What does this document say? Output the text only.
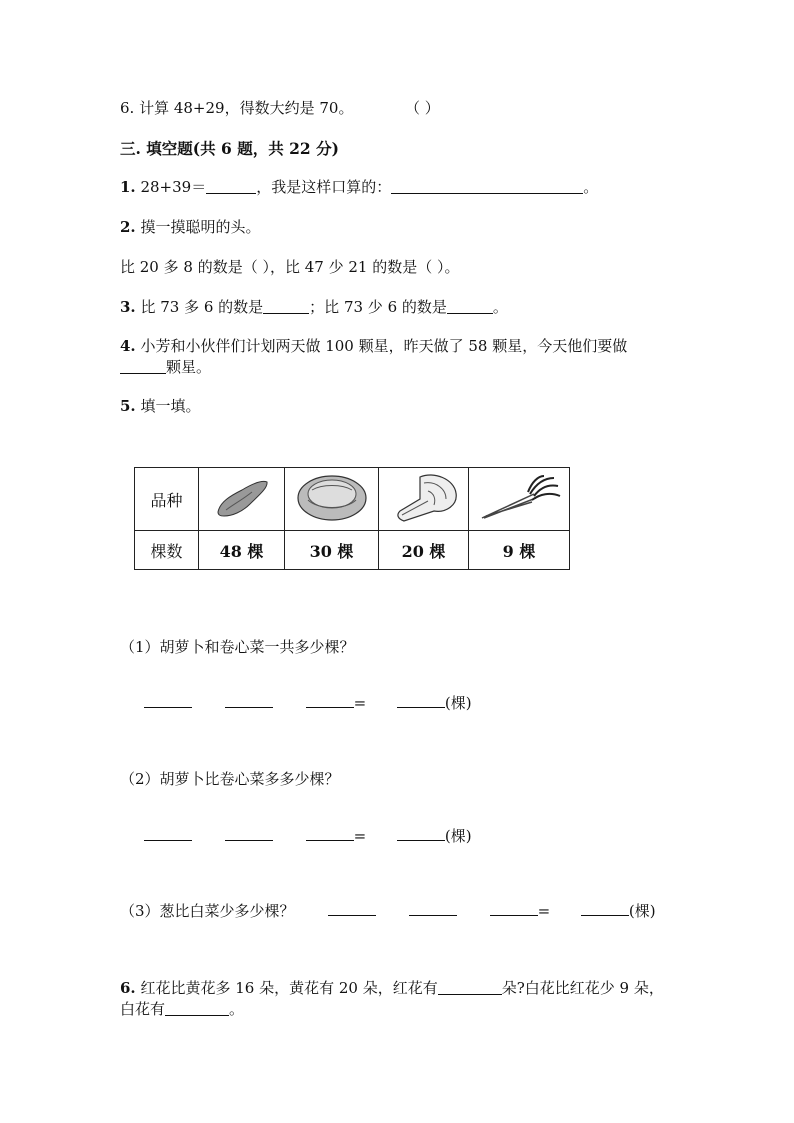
6. 计算 48+29，得数大约是 70。	（ ）
三. 填空题(共 6 题，共 22 分)
1. 28+39＝	，我是这样口算的：	。
2. 摸一摸聪明的头。
比 20 多 8 的数是（ ），比 47 少 21 的数是（ ）。
3. 比 73 多 6 的数是	；比 73 少 6 的数是	。
4. 小芳和小伙伴们计划两天做 100 颗星，昨天做了 58 颗星，今天他们要做
颗星。
5. 填一填。
品种				
棵数	48 棵	30 棵	20 棵	9 棵
（1）胡萝卜和卷心菜一共多少棵？
=	(棵)
（2）胡萝卜比卷心菜多多少棵？
=	(棵)
（3）葱比白菜少多少棵？	=	(棵)
6. 红花比黄花多 16 朵，黄花有 20 朵，红花有	朵?白花比红花少 9 朵，
白花有	。
